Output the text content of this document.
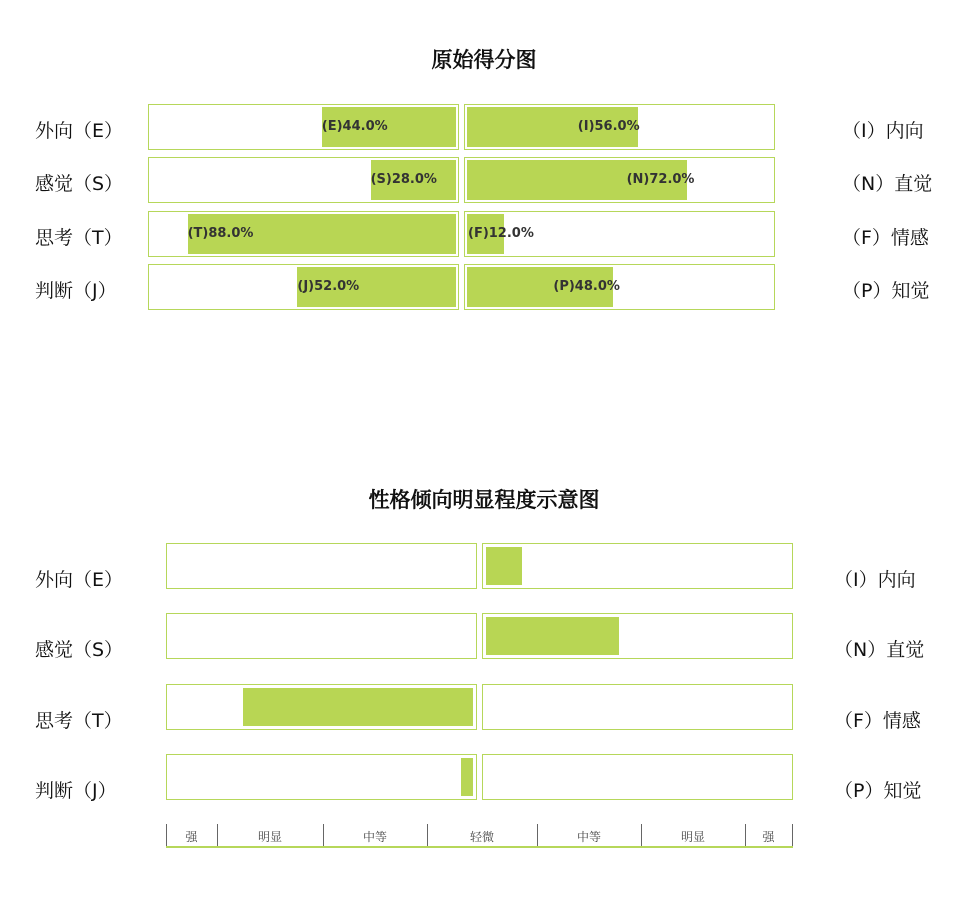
原始得分图
外向（E）	（I）内向
(E)44.0%	(I)56.0%
感觉（S）	（N）直觉
(S)28.0%	(N)72.0%
思考（T）	（F）情感
(T)88.0%	(F)12.0%
判断（J）	（P）知觉
(J)52.0%	(P)48.0%
性格倾向明显程度示意图
外向（E）	（I）内向
感觉（S）	（N）直觉
思考（T）	（F）情感
判断（J）	（P）知觉
强	明显	中等	轻微	中等	明显	强
